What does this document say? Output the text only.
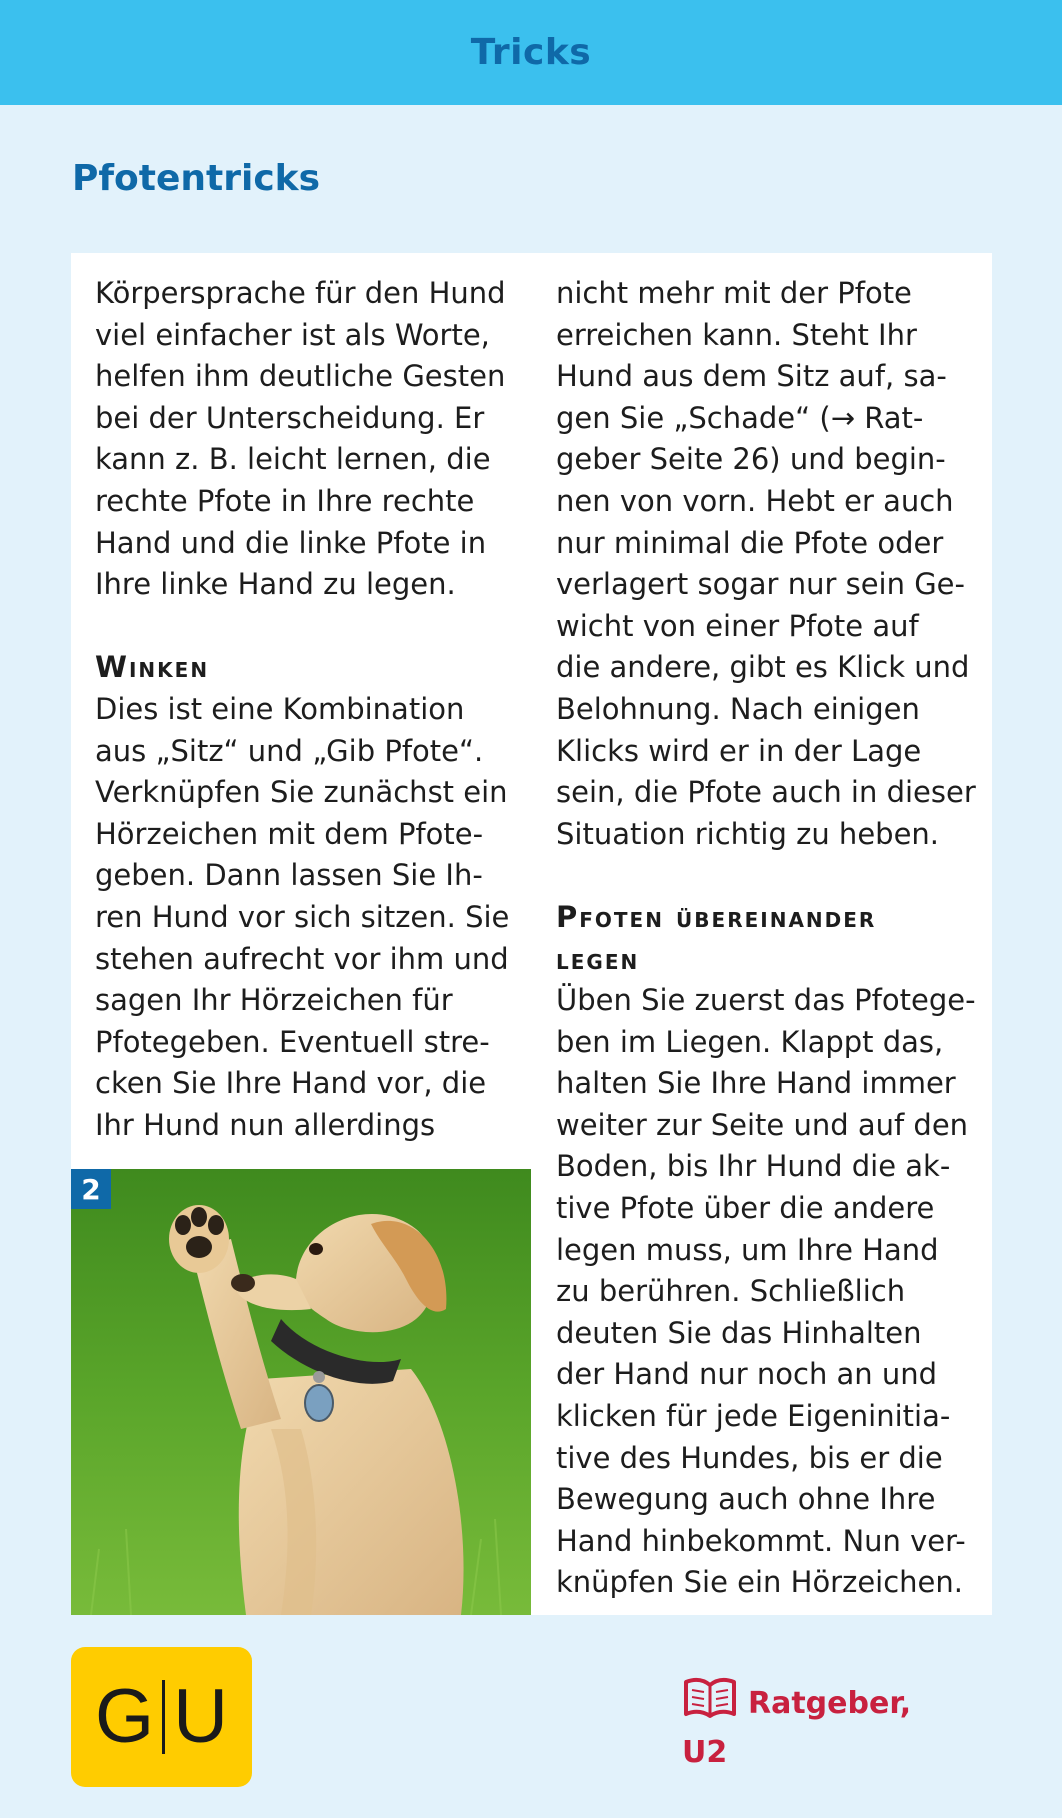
Tricks
Pfotentricks
Körpersprache für den Hund
viel einfacher ist als Worte,
helfen ihm deutliche Gesten
bei der Unterscheidung. Er
kann z. B. leicht lernen, die
rechte Pfote in Ihre rechte
Hand und die linke Pfote in
Ihre linke Hand zu legen.
Winken
Dies ist eine Kombination
aus „Sitz“ und „Gib Pfote“.
Verknüpfen Sie zunächst ein
Hörzeichen mit dem Pfote-
geben. Dann lassen Sie Ih-
ren Hund vor sich sitzen. Sie
stehen aufrecht vor ihm und
sagen Ihr Hörzeichen für
Pfotegeben. Eventuell stre-
cken Sie Ihre Hand vor, die
Ihr Hund nun allerdings
2
nicht mehr mit der Pfote
erreichen kann. Steht Ihr
Hund aus dem Sitz auf, sa-
gen Sie „Schade“ (→ Rat-
geber Seite 26) und begin-
nen von vorn. Hebt er auch
nur minimal die Pfote oder
verlagert sogar nur sein Ge-
wicht von einer Pfote auf
die andere, gibt es Klick und
Belohnung. Nach einigen
Klicks wird er in der Lage
sein, die Pfote auch in dieser
Situation richtig zu heben.
Pfoten übereinander
legen
Üben Sie zuerst das Pfotege-
ben im Liegen. Klappt das,
halten Sie Ihre Hand immer
weiter zur Seite und auf den
Boden, bis Ihr Hund die ak-
tive Pfote über die andere
legen muss, um Ihre Hand
zu berühren. Schließlich
deuten Sie das Hinhalten
der Hand nur noch an und
klicken für jede Eigeninitia-
tive des Hundes, bis er die
Bewegung auch ohne Ihre
Hand hinbekommt. Nun ver-
knüpfen Sie ein Hörzeichen.
G U	Ratgeber,
U2
